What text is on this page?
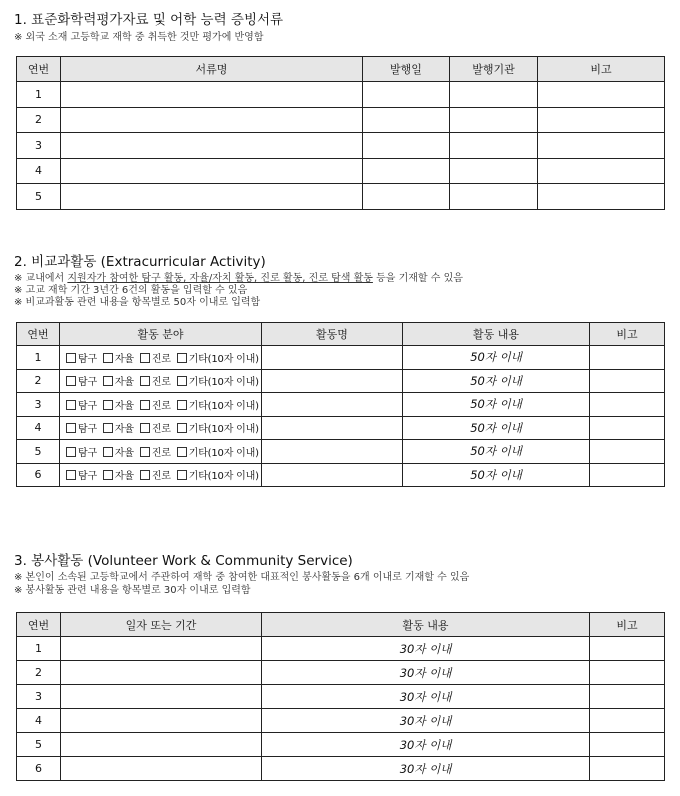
1. 표준화학력평가자료 및 어학 능력 증빙서류
※ 외국 소재 고등학교 재학 중 취득한 것만 평가에 반영함
연번	서류명	발행일	발행기관	비고
1				
2				
3				
4				
5				
2. 비교과활동 (Extracurricular Activity)
※ 교내에서 지원자가 참여한 탐구 활동, 자율/자치 활동, 진로 활동, 진로 탐색 활동 등을 기재할 수 있음
※ 고교 재학 기간 3년간 6건의 활동을 입력할 수 있음
※ 비교과활동 관련 내용을 항목별로 50자 이내로 입력함
연번	활동 분야	활동명	활동 내용	비고
1	탐구 자율 진로 기타(10자 이내)		50자 이내	
2	탐구 자율 진로 기타(10자 이내)		50자 이내	
3	탐구 자율 진로 기타(10자 이내)		50자 이내	
4	탐구 자율 진로 기타(10자 이내)		50자 이내	
5	탐구 자율 진로 기타(10자 이내)		50자 이내	
6	탐구 자율 진로 기타(10자 이내)		50자 이내	
3. 봉사활동 (Volunteer Work & Community Service)
※ 본인이 소속된 고등학교에서 주관하여 재학 중 참여한 대표적인 봉사활동을 6개 이내로 기재할 수 있음
※ 봉사활동 관련 내용을 항목별로 30자 이내로 입력함
연번	일자 또는 기간	활동 내용	비고
1		30자 이내	
2		30자 이내	
3		30자 이내	
4		30자 이내	
5		30자 이내	
6		30자 이내	
